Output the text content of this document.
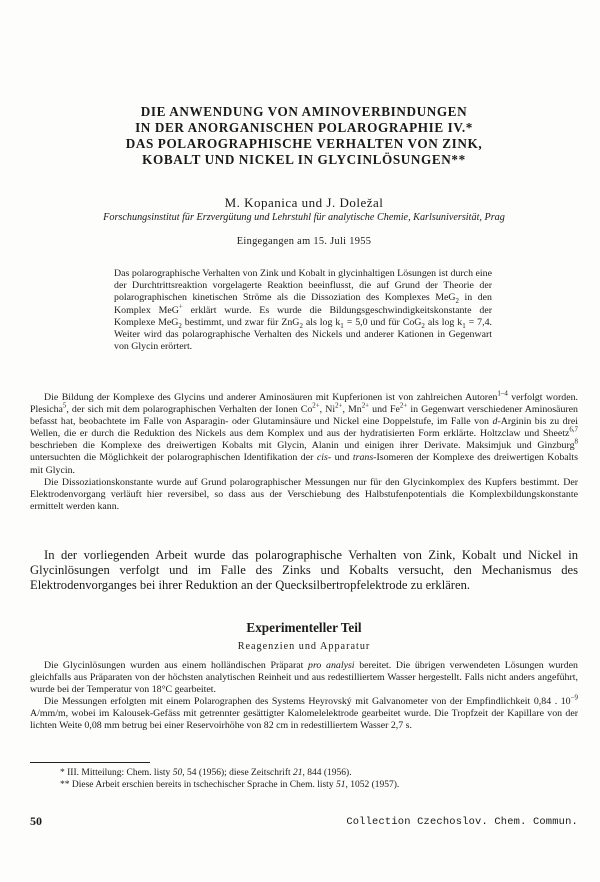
DIE ANWENDUNG VON AMINOVERBINDUNGEN
IN DER ANORGANISCHEN POLAROGRAPHIE IV.*
DAS POLAROGRAPHISCHE VERHALTEN VON ZINK,
KOBALT UND NICKEL IN GLYCINLÖSUNGEN**
M. Kopanica und J. Doležal
Forschungsinstitut für Erzvergütung und Lehrstuhl für analytische Chemie, Karlsuniversität, Prag
Eingegangen am 15. Juli 1955

Das polarographische Verhalten von Zink und Kobalt in glycinhaltigen Lösungen ist durch eine der Durchtrittsreaktion vorgelagerte Reaktion beeinflusst, die auf Grund der Theorie der polarographischen kinetischen Ströme als die Dissoziation des Komplexes MeG$_2$ in den Komplex MeG+ erklärt wurde. Es wurde die Bildungsgeschwindigkeitskonstante der Komplexe MeG$_2$ bestimmt, und zwar für ZnG$_2$ als $\log k_1 = 5,0$ und für CoG$_2$ als $\log k_1 = 7,4$. Weiter wird das polarographische Verhalten des Nickels und anderer Kationen in Gegenwart von Glycin erörtert.

Die Bildung der Komplexe des Glycins und anderer Aminosäuren mit Kupferionen ist von zahlreichen Autoren$^{1-4}$ verfolgt worden. Plesicha$^5$, der sich mit dem polarographischen Verhalten der Ionen $Co^{2+}$, $Ni^{2+}$, $Mn^{2+}$ und $Fe^{2+}$ in Gegenwart verschiedener Aminosäuren befasst hat, beobachtete im Falle von Asparagin- oder Glutaminsäure und Nickel eine Doppelstufe, im Falle von d-Arginin bis zu drei Wellen, die er durch die Reduktion des Nickels aus dem Komplex und aus der hydratisierten Form erklärte. Holtzclaw und Sheetz$^{6,7}$ beschrieben die Komplexe des dreiwertigen Kobalts mit Glycin, Alanin und einigen ihrer Derivate. Maksimjuk und Ginzburg$^8$ untersuchten die Möglichkeit der polarographischen Identifikation der cis- und trans-Isomeren der Komplexe des dreiwertigen Kobalts mit Glycin.

Die Dissoziationskonstante wurde auf Grund polarographischer Messungen nur für den Glycinkomplex des Kupfers bestimmt. Der Elektrodenvorgang verläuft hier reversibel, so dass aus der Verschiebung des Halbstufenpotentials die Komplexbildungskonstante ermittelt werden kann.

In der vorliegenden Arbeit wurde das polarographische Verhalten von Zink, Kobalt und Nickel in Glycinlösungen verfolgt und im Falle des Zinks und Kobalts versucht, den Mechanismus des Elektrodenvorganges bei ihrer Reduktion an der Quecksilbertropfelektrode zu erklären.

Experimenteller Teil
Reagenzien und Apparatur

Die Glycinlösungen wurden aus einem holländischen Präparat pro analysi bereitet. Die übrigen verwendeten Lösungen wurden gleichfalls aus Präparaten von der höchsten analytischen Reinheit und aus redestilliertem Wasser hergestellt. Falls nicht anders angeführt, wurde bei der Temperatur von 18°C gearbeitet.

Die Messungen erfolgten mit einem Polarographen des Systems Heyrovský mit Galvanometer von der Empfindlichkeit 0,84 . $10^{-9}$ A/mm/m, wobei im Kalousek-Gefäss mit getrennter gesättigter Kalomelelektrode gearbeitet wurde. Die Tropfzeit der Kapillare von der lichten Weite 0,08 mm betrug bei einer Reservoirhöhe von 82 cm in redestilliertem Wasser 2,7 s.

* III. Mitteilung: Chem. listy 50, 54 (1956); diese Zeitschrift 21, 844 (1956).
** Diese Arbeit erschien bereits in tschechischer Sprache in Chem. listy 51, 1052 (1957).
50	Collection Czechoslov. Chem. Commun.
